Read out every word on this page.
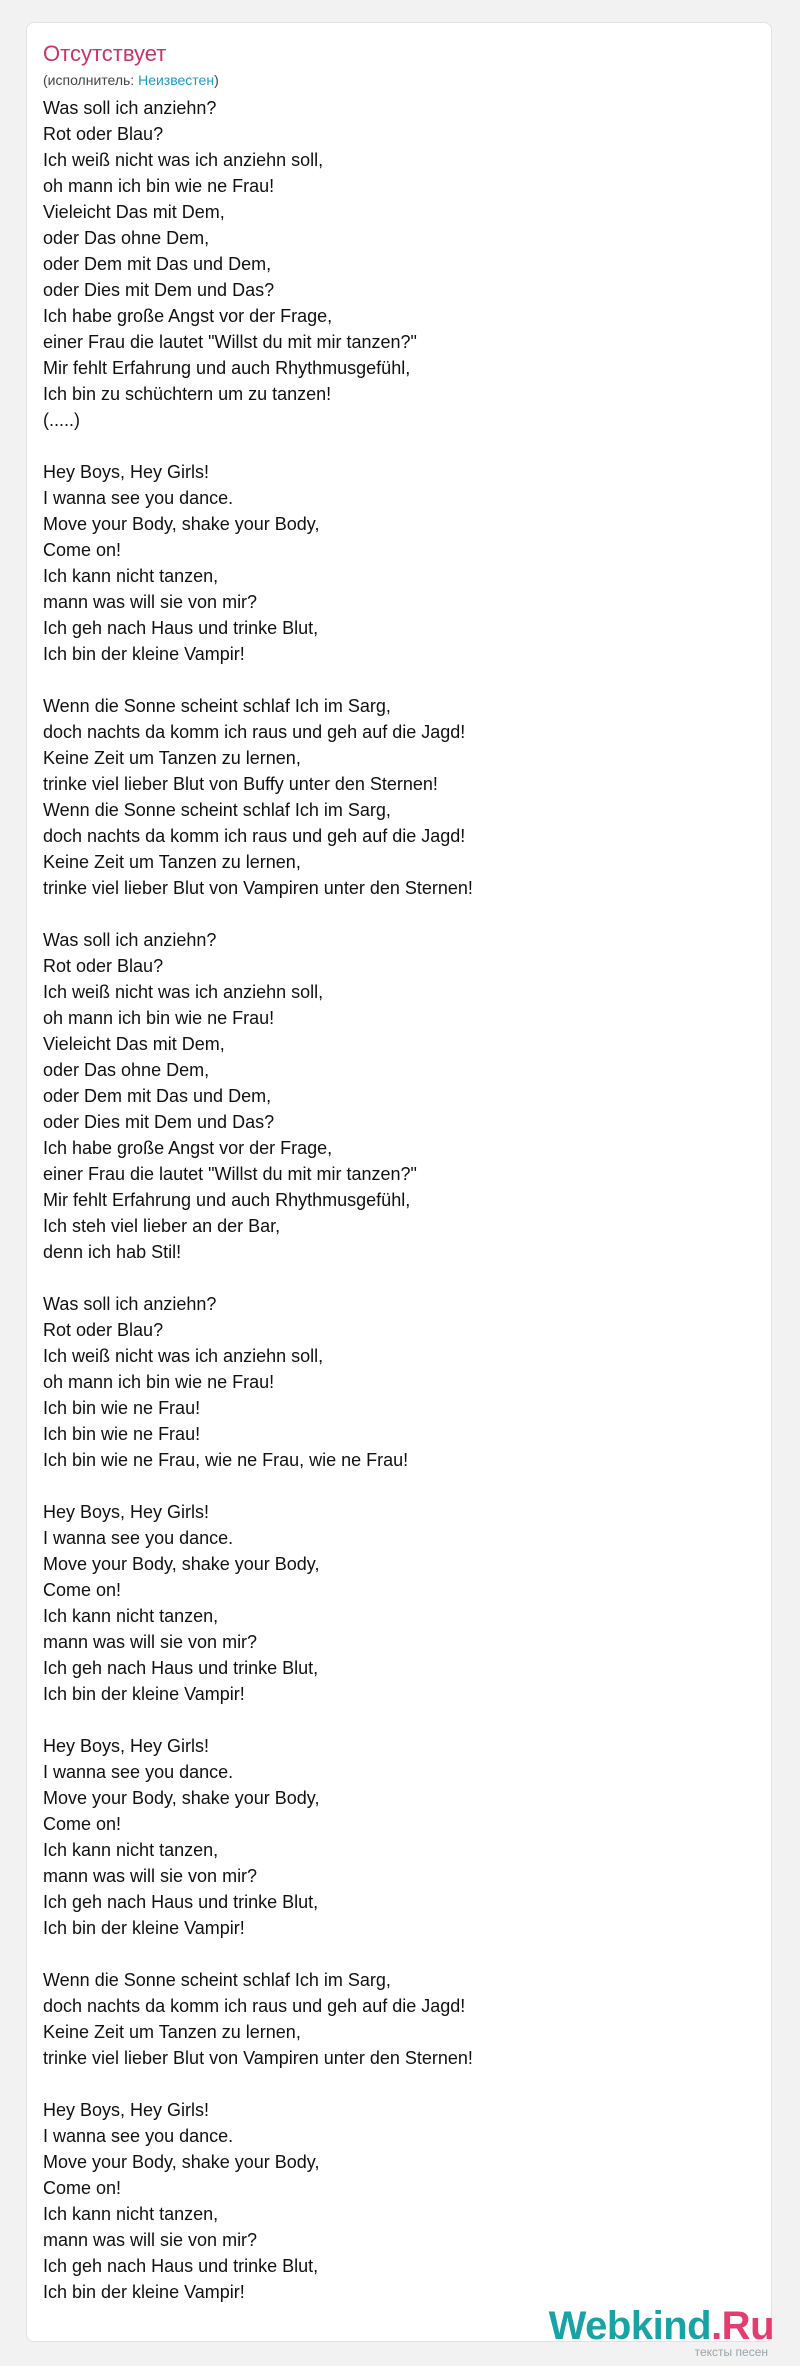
Отсутствует
(исполнитель: Неизвестен)
Was soll ich anziehn?
Rot oder Blau?
Ich weiß nicht was ich anziehn soll,
oh mann ich bin wie ne Frau!
Vieleicht Das mit Dem,
oder Das ohne Dem,
oder Dem mit Das und Dem,
oder Dies mit Dem und Das?
Ich habe große Angst vor der Frage,
einer Frau die lautet "Willst du mit mir tanzen?"
Mir fehlt Erfahrung und auch Rhythmusgefühl,
Ich bin zu schüchtern um zu tanzen!
(.....)
Hey Boys, Hey Girls!
I wanna see you dance.
Move your Body, shake your Body,
Come on!
Ich kann nicht tanzen,
mann was will sie von mir?
Ich geh nach Haus und trinke Blut,
Ich bin der kleine Vampir!
Wenn die Sonne scheint schlaf Ich im Sarg,
doch nachts da komm ich raus und geh auf die Jagd!
Keine Zeit um Tanzen zu lernen,
trinke viel lieber Blut von Buffy unter den Sternen!
Wenn die Sonne scheint schlaf Ich im Sarg,
doch nachts da komm ich raus und geh auf die Jagd!
Keine Zeit um Tanzen zu lernen,
trinke viel lieber Blut von Vampiren unter den Sternen!
Was soll ich anziehn?
Rot oder Blau?
Ich weiß nicht was ich anziehn soll,
oh mann ich bin wie ne Frau!
Vieleicht Das mit Dem,
oder Das ohne Dem,
oder Dem mit Das und Dem,
oder Dies mit Dem und Das?
Ich habe große Angst vor der Frage,
einer Frau die lautet "Willst du mit mir tanzen?"
Mir fehlt Erfahrung und auch Rhythmusgefühl,
Ich steh viel lieber an der Bar,
denn ich hab Stil!
Was soll ich anziehn?
Rot oder Blau?
Ich weiß nicht was ich anziehn soll,
oh mann ich bin wie ne Frau!
Ich bin wie ne Frau!
Ich bin wie ne Frau!
Ich bin wie ne Frau, wie ne Frau, wie ne Frau!
Hey Boys, Hey Girls!
I wanna see you dance.
Move your Body, shake your Body,
Come on!
Ich kann nicht tanzen,
mann was will sie von mir?
Ich geh nach Haus und trinke Blut,
Ich bin der kleine Vampir!
Hey Boys, Hey Girls!
I wanna see you dance.
Move your Body, shake your Body,
Come on!
Ich kann nicht tanzen,
mann was will sie von mir?
Ich geh nach Haus und trinke Blut,
Ich bin der kleine Vampir!
Wenn die Sonne scheint schlaf Ich im Sarg,
doch nachts da komm ich raus und geh auf die Jagd!
Keine Zeit um Tanzen zu lernen,
trinke viel lieber Blut von Vampiren unter den Sternen!
Hey Boys, Hey Girls!
I wanna see you dance.
Move your Body, shake your Body,
Come on!
Ich kann nicht tanzen,
mann was will sie von mir?
Ich geh nach Haus und trinke Blut,
Ich bin der kleine Vampir!
Webkind.Ru
тексты песен
